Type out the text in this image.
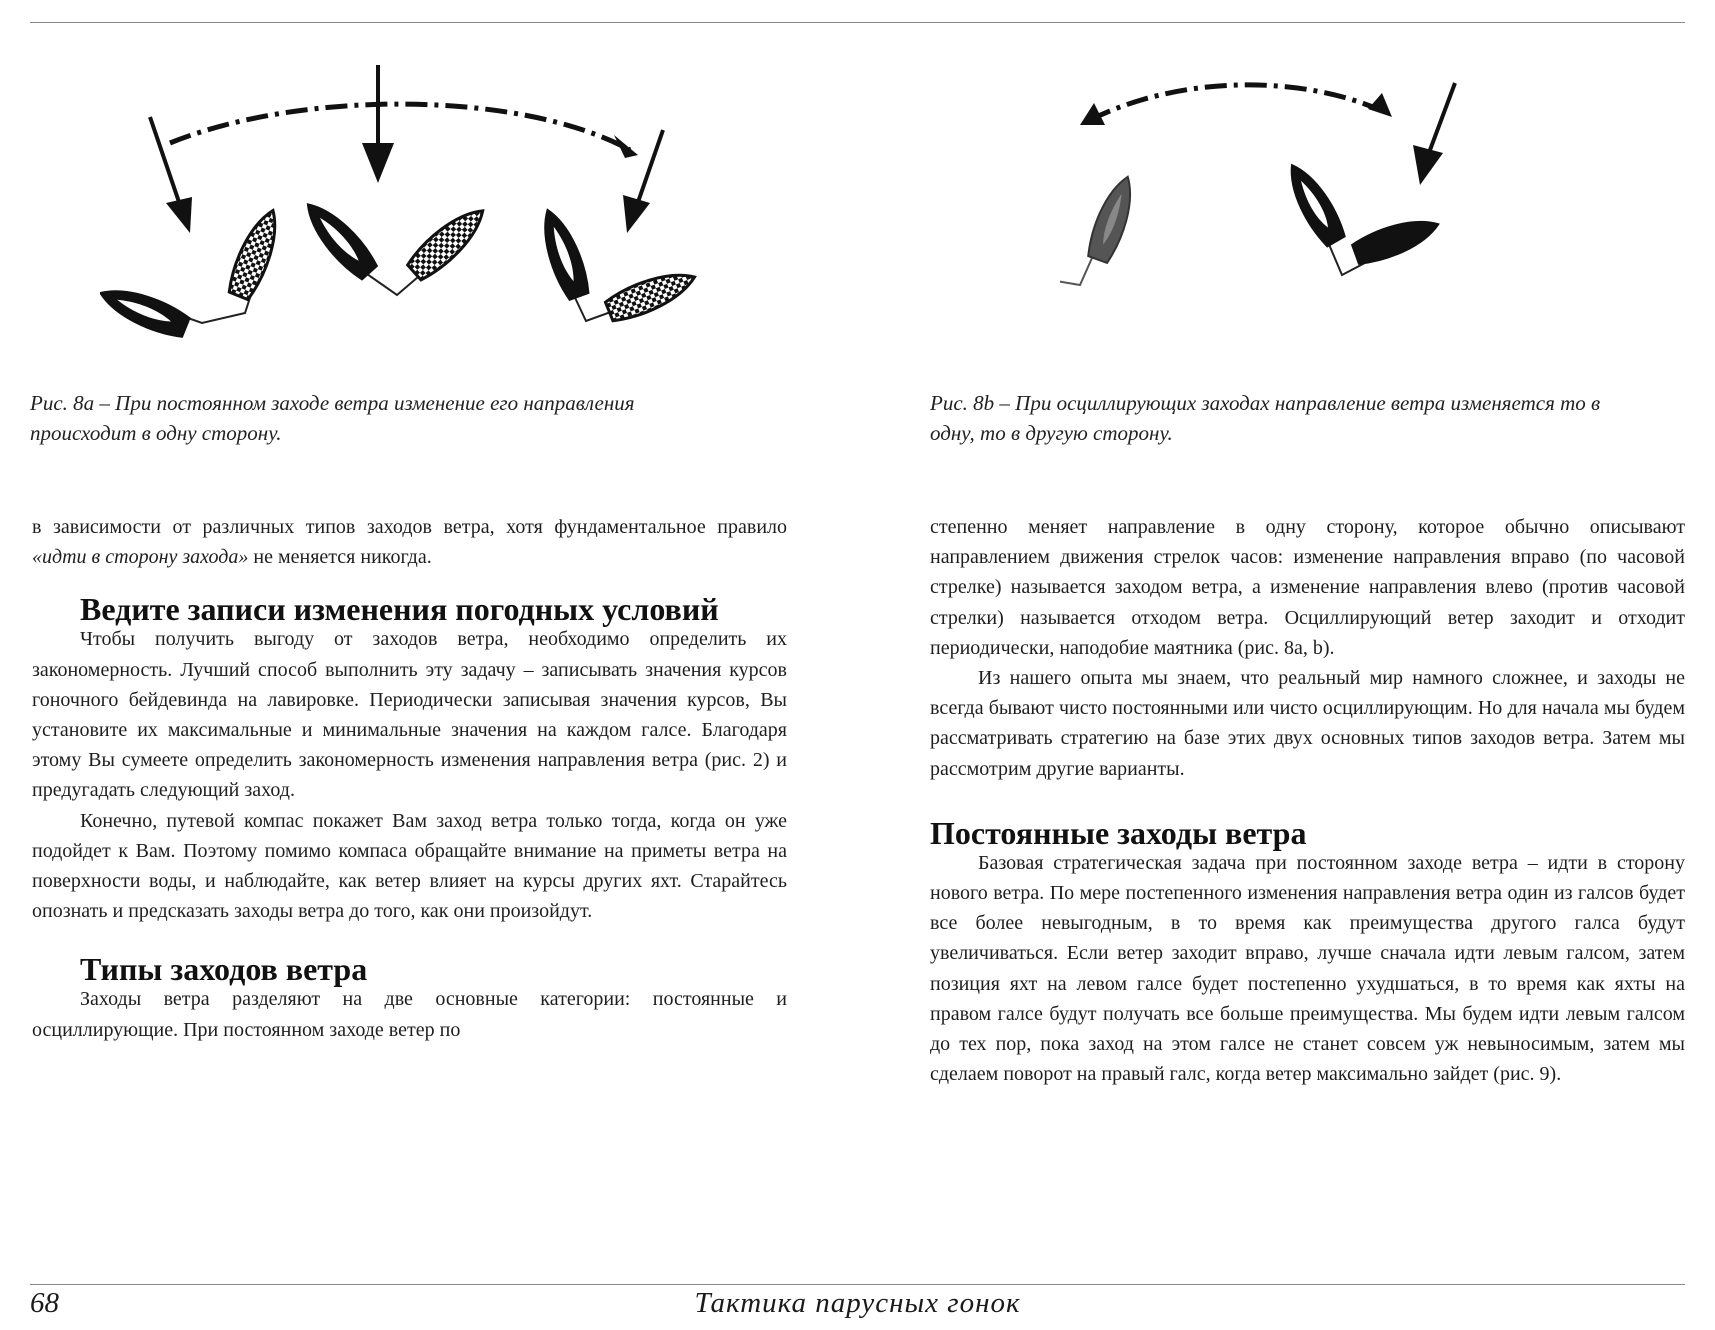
Рис. 8a – При постоянном заходе ветра изменение его направления происходит в одну сторону.
Рис. 8b – При осциллирующих заходах направление ветра изменяется то в одну, то в другую сторону.

в зависимости от различных типов заходов ветра, хотя фундаментальное правило «идти в сторону захода» не меняется никогда.

Ведите записи изменения погодных условий

Чтобы получить выгоду от заходов ветра, необходимо определить их закономерность. Лучший способ выполнить эту задачу – записывать значения курсов гоночного бейдевинда на лавировке. Периодически записывая значения курсов, Вы установите их максимальные и минимальные значения на каждом галсе. Благодаря этому Вы сумеете определить закономерность изменения направления ветра (рис. 2) и предугадать следующий заход.

Конечно, путевой компас покажет Вам заход ветра только тогда, когда он уже подойдет к Вам. Поэтому помимо компаса обращайте внимание на приметы ветра на поверхности воды, и наблюдайте, как ветер влияет на курсы других яхт. Старайтесь опознать и предсказать заходы ветра до того, как они произойдут.

Типы заходов ветра

Заходы ветра разделяют на две основные категории: постоянные и осциллирующие. При постоянном заходе ветер по

степенно меняет направление в одну сторону, которое обычно описывают направлением движения стрелок часов: изменение направления вправо (по часовой стрелке) называется заходом ветра, а изменение направления влево (против часовой стрелки) называется отходом ветра. Осциллирующий ветер заходит и отходит периодически, наподобие маятника (рис. 8a, b).

Из нашего опыта мы знаем, что реальный мир намного сложнее, и заходы не всегда бывают чисто постоянными или чисто осциллирующим. Но для начала мы будем рассматривать стратегию на базе этих двух основных типов заходов ветра. Затем мы рассмотрим другие варианты.

Постоянные заходы ветра

Базовая стратегическая задача при постоянном заходе ветра – идти в сторону нового ветра. По мере постепенного изменения направления ветра один из галсов будет все более невыгодным, в то время как преимущества другого галса будут увеличиваться. Если ветер заходит вправо, лучше сначала идти левым галсом, затем позиция яхт на левом галсе будет постепенно ухудшаться, в то время как яхты на правом галсе будут получать все больше преимущества. Мы будем идти левым галсом до тех пор, пока заход на этом галсе не станет совсем уж невыносимым, затем мы сделаем поворот на правый галс, когда ветер максимально зайдет (рис. 9).

68	Тактика парусных гонок
